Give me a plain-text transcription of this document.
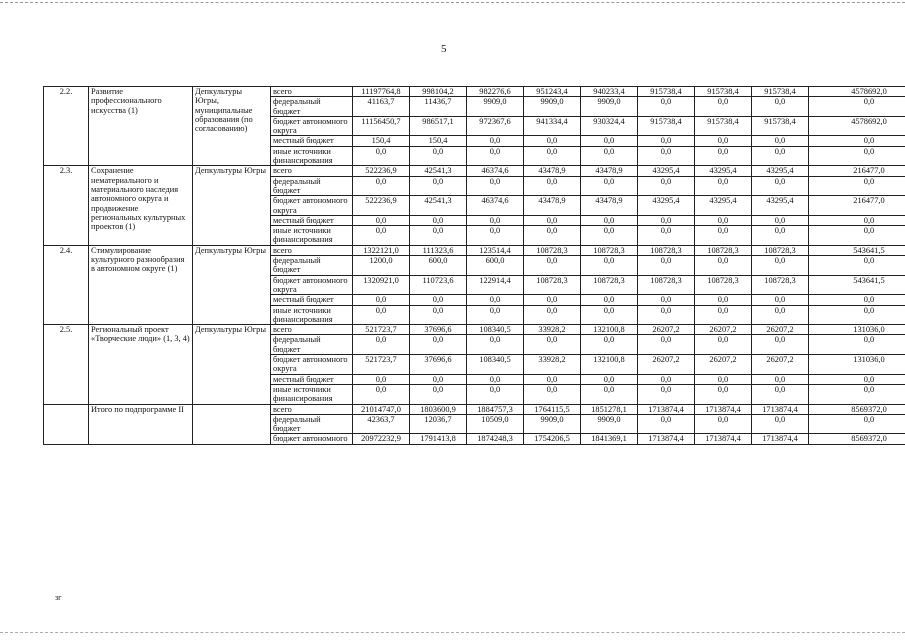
5
2.2.	Развитие профессионального искусства (1)	Депкультуры Югры, муниципальные образования (по согласованию)	всего	11197764,8	998104,2	982276,6	951243,4	940233,4	915738,4	915738,4	915738,4	4578692,0
			федеральный бюджет	41163,7	11436,7	9909,0	9909,0	9909,0	0,0	0,0	0,0	0,0
			бюджет автономного округа	11156450,7	986517,1	972367,6	941334,4	930324,4	915738,4	915738,4	915738,4	4578692,0
			местный бюджет	150,4	150,4	0,0	0,0	0,0	0,0	0,0	0,0	0,0
			иные источники финансирования	0,0	0,0	0,0	0,0	0,0	0,0	0,0	0,0	0,0
2.3.	Сохранение нематериального и материального наследия автономного округа и продвижение региональных культурных проектов (1)	Депкультуры Югры	всего	522236,9	42541,3	46374,6	43478,9	43478,9	43295,4	43295,4	43295,4	216477,0
			федеральный бюджет	0,0	0,0	0,0	0,0	0,0	0,0	0,0	0,0	0,0
			бюджет автономного округа	522236,9	42541,3	46374,6	43478,9	43478,9	43295,4	43295,4	43295,4	216477,0
			местный бюджет	0,0	0,0	0,0	0,0	0,0	0,0	0,0	0,0	0,0
			иные источники финансирования	0,0	0,0	0,0	0,0	0,0	0,0	0,0	0,0	0,0
2.4.	Стимулирование культурного разнообразия в автономном округе (1)	Депкультуры Югры	всего	1322121,0	111323,6	123514,4	108728,3	108728,3	108728,3	108728,3	108728,3	543641,5
			федеральный бюджет	1200,0	600,0	600,0	0,0	0,0	0,0	0,0	0,0	0,0
			бюджет автономного округа	1320921,0	110723,6	122914,4	108728,3	108728,3	108728,3	108728,3	108728,3	543641,5
			местный бюджет	0,0	0,0	0,0	0,0	0,0	0,0	0,0	0,0	0,0
			иные источники финансирования	0,0	0,0	0,0	0,0	0,0	0,0	0,0	0,0	0,0
2.5.	Региональный проект «Творческие люди» (1, 3, 4)	Депкультуры Югры	всего	521723,7	37696,6	108340,5	33928,2	132100,8	26207,2	26207,2	26207,2	131036,0
			федеральный бюджет	0,0	0,0	0,0	0,0	0,0	0,0	0,0	0,0	0,0
			бюджет автономного округа	521723,7	37696,6	108340,5	33928,2	132100,8	26207,2	26207,2	26207,2	131036,0
			местный бюджет	0,0	0,0	0,0	0,0	0,0	0,0	0,0	0,0	0,0
			иные источники финансирования	0,0	0,0	0,0	0,0	0,0	0,0	0,0	0,0	0,0
	Итого по подпрограмме II		всего	21014747,0	1803600,9	1884757,3	1764115,5	1851278,1	1713874,4	1713874,4	1713874,4	8569372,0
			федеральный бюджет	42363,7	12036,7	10509,0	9909,0	9909,0	0,0	0,0	0,0	0,0
			бюджет автономного	20972232,9	1791413,8	1874248,3	1754206,5	1841369,1	1713874,4	1713874,4	1713874,4	8569372,0
зг
